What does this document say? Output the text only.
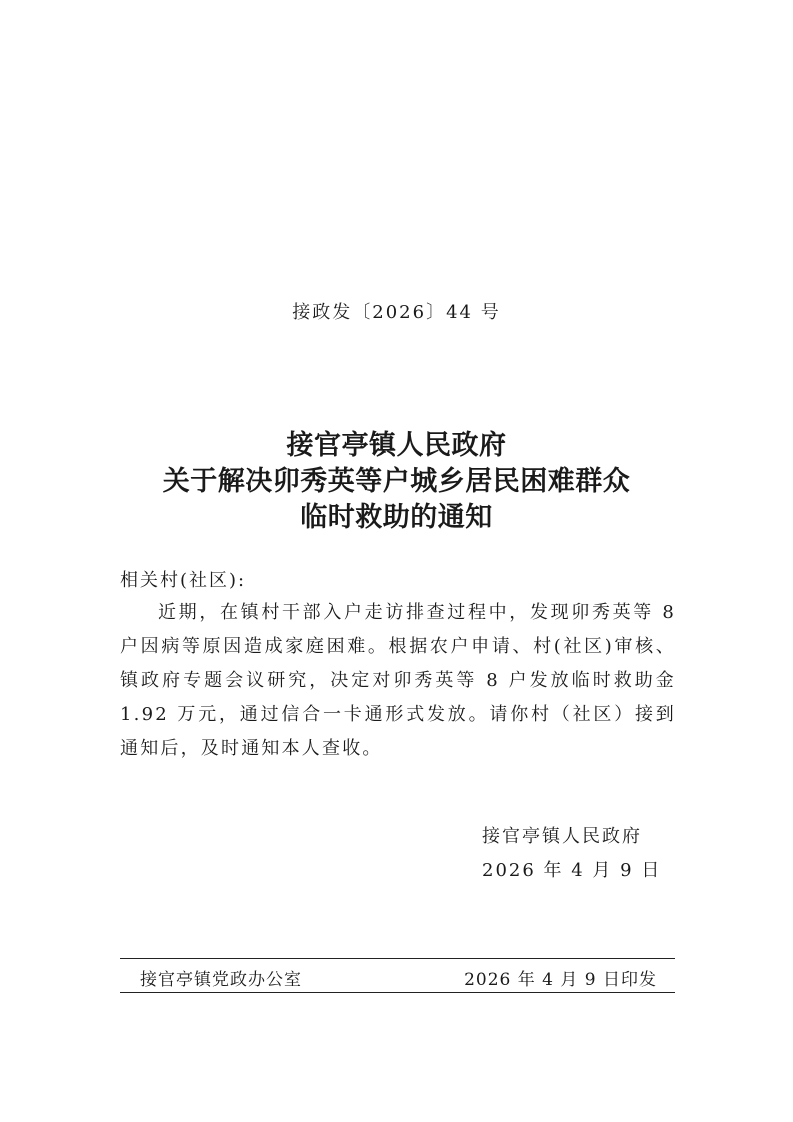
接政发〔2026〕44 号
接官亭镇人民政府
关于解决卯秀英等户城乡居民困难群众
临时救助的通知
相关村(社区):

近期，在镇村干部入户走访排查过程中，发现卯秀英等 8 户因病等原因造成家庭困难。根据农户申请、村(社区)审核、镇政府专题会议研究，决定对卯秀英等 8 户发放临时救助金 1.92 万元，通过信合一卡通形式发放。请你村（社区）接到通知后，及时通知本人查收。

接官亭镇人民政府
2026 年 4 月 9 日
接官亭镇党政办公室	2026 年 4 月 9 日印发
